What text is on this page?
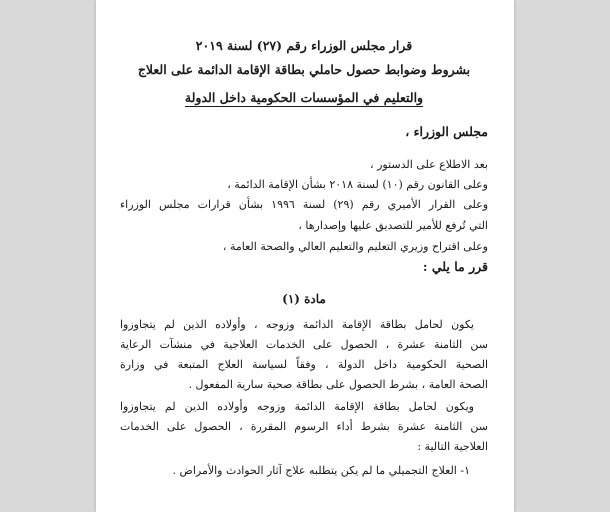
قرار مجلس الوزراء رقم (٢٧) لسنة ٢٠١٩
بشروط وضوابط حصول حاملي بطاقة الإقامة الدائمة على العلاج
والتعليم في المؤسسات الحكومية داخل الدولة
مجلس الوزراء ،
بعد الاطلاع على الدستور ،
وعلى القانون رقم (١٠) لسنة ٢٠١٨ بشأن الإقامة الدائمة ،
وعلى القرار الأميري رقم (٢٩) لسنة ١٩٩٦ بشأن قرارات مجلس الوزراء
التي تُرفع للأمير للتصديق عليها وإصدارها ،
وعلى اقتراح وزيري التعليم والتعليم العالي والصحة العامة ،
قرر ما يلي :
مادة (١)
يكون لحامل بطاقة الإقامة الدائمة وزوجه ، وأولاده الذين لم يتجاوزوا
سن الثامنة عشرة ، الحصول على الخدمات العلاجية في منشآت الرعاية
الصحية الحكومية داخل الدولة ، وفقاً لسياسة العلاج المتبعة في وزارة
الصحة العامة ، بشرط الحصول على بطاقة صحية سارية المفعول .
ويكون لحامل بطاقة الإقامة الدائمة وزوجه وأولاده الذين لم يتجاوزوا
سن الثامنة عشرة بشرط أداء الرسوم المقررة ، الحصول على الخدمات
العلاجية التالية :
١- العلاج التجميلي ما لم يكن يتطلبه علاج آثار الحوادث والأمراض .
